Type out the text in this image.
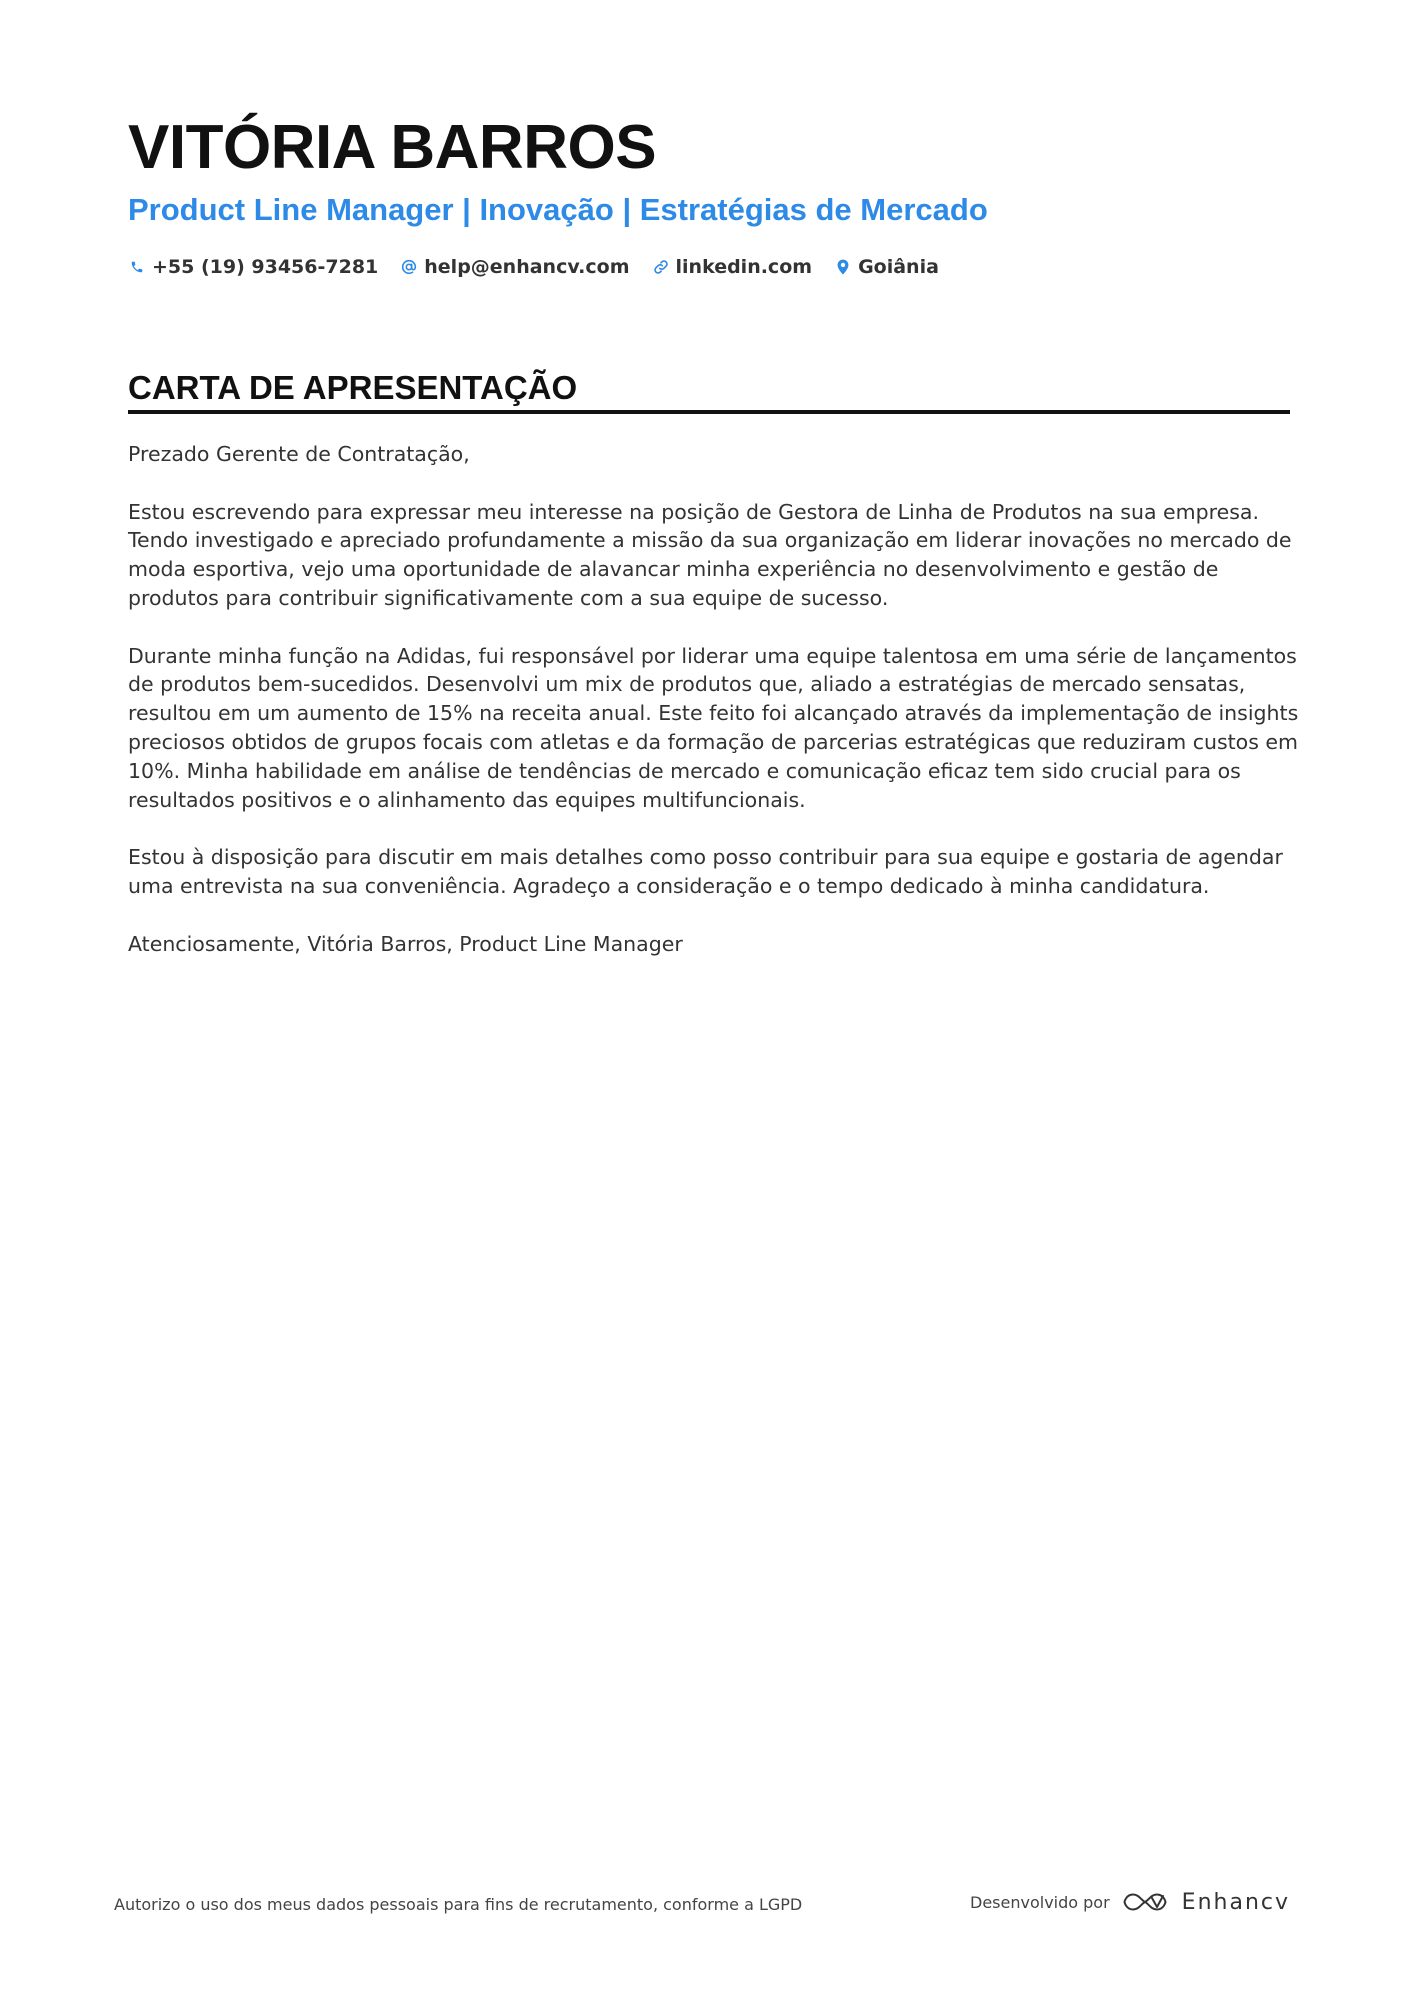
VITÓRIA BARROS
Product Line Manager | Inovação | Estratégias de Mercado
+55 (19) 93456-7281 help@enhancv.com linkedin.com Goiânia
CARTA DE APRESENTAÇÃO

Prezado Gerente de Contratação,

Estou escrevendo para expressar meu interesse na posição de Gestora de Linha de Produtos na sua empresa. Tendo investigado e apreciado profundamente a missão da sua organização em liderar inovações no mercado de moda esportiva, vejo uma oportunidade de alavancar minha experiência no desenvolvimento e gestão de produtos para contribuir significativamente com a sua equipe de sucesso.

Durante minha função na Adidas, fui responsável por liderar uma equipe talentosa em uma série de lançamentos de produtos bem-sucedidos. Desenvolvi um mix de produtos que, aliado a estratégias de mercado sensatas, resultou em um aumento de 15% na receita anual. Este feito foi alcançado através da implementação de insights preciosos obtidos de grupos focais com atletas e da formação de parcerias estratégicas que reduziram custos em 10%. Minha habilidade em análise de tendências de mercado e comunicação eficaz tem sido crucial para os resultados positivos e o alinhamento das equipes multifuncionais.

Estou à disposição para discutir em mais detalhes como posso contribuir para sua equipe e gostaria de agendar uma entrevista na sua conveniência. Agradeço a consideração e o tempo dedicado à minha candidatura.

Atenciosamente, Vitória Barros, Product Line Manager

Autorizo o uso dos meus dados pessoais para fins de recrutamento, conforme a LGPD	Desenvolvido por	Enhancv
